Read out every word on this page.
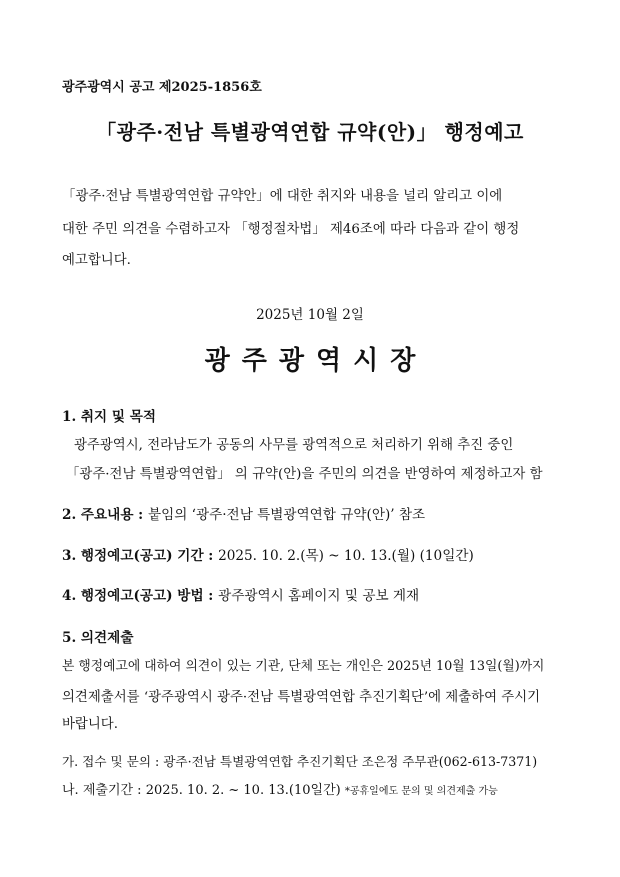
광주광역시 공고 제2025-1856호
「광주·전남 특별광역연합 규약(안)」 행정예고
「광주·전남 특별광역연합 규약안」에 대한 취지와 내용을 널리 알리고 이에
대한 주민 의견을 수렴하고자 「행정절차법」 제46조에 따라 다음과 같이 행정
예고합니다.
2025년 10월 2일
광주광역시장
1. 취지 및 목적
광주광역시, 전라남도가 공동의 사무를 광역적으로 처리하기 위해 추진 중인
「광주·전남 특별광역연합」 의 규약(안)을 주민의 의견을 반영하여 제정하고자 함
2. 주요내용 : 붙임의 ‘광주·전남 특별광역연합 규약(안)’ 참조
3. 행정예고(공고) 기간 : 2025. 10. 2.(목) ~ 10. 13.(월) (10일간)
4. 행정예고(공고) 방법 : 광주광역시 홈페이지 및 공보 게재
5. 의견제출
본 행정예고에 대하여 의견이 있는 기관, 단체 또는 개인은 2025년 10월 13일(월)까지
의견제출서를 ‘광주광역시 광주·전남 특별광역연합 추진기획단’에 제출하여 주시기
바랍니다.
가. 접수 및 문의 : 광주·전남 특별광역연합 추진기획단 조은정 주무관(062-613-7371)
나. 제출기간 : 2025. 10. 2. ~ 10. 13.(10일간) *공휴일에도 문의 및 의견제출 가능
